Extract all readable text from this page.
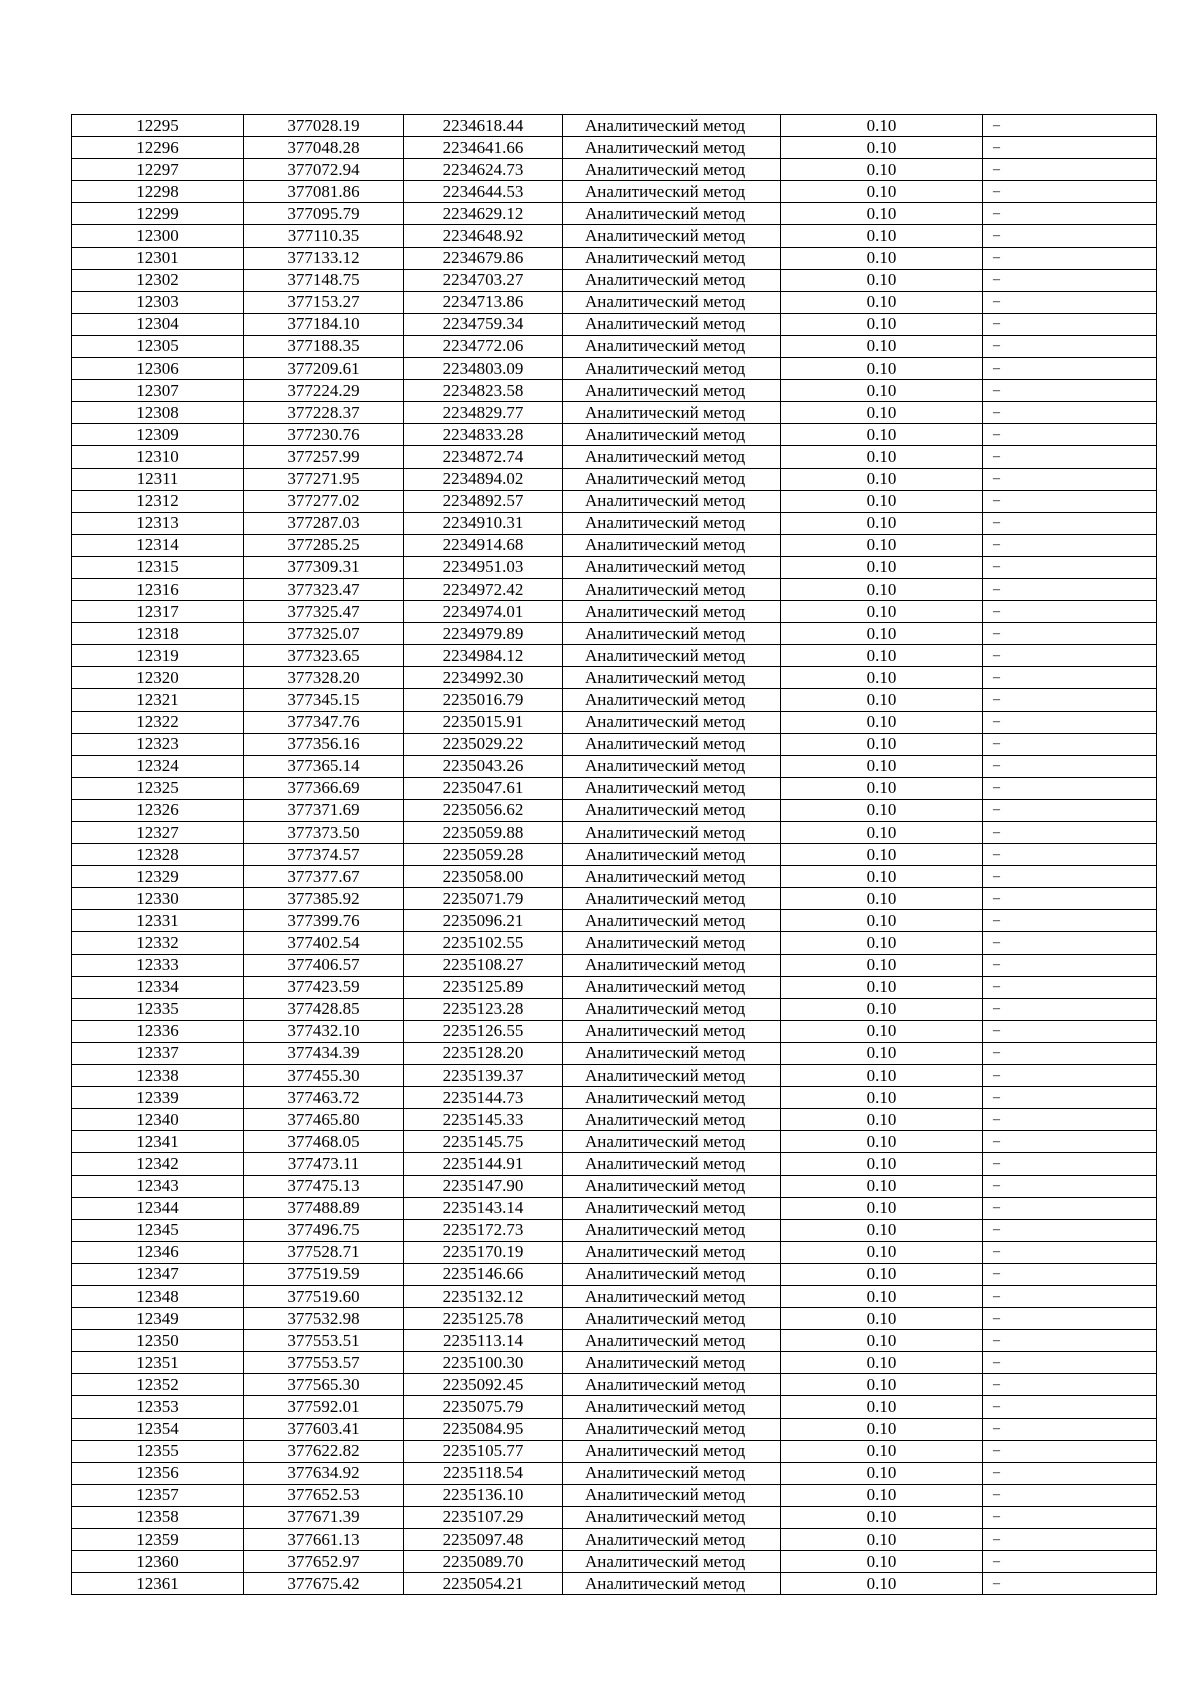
12295	377028.19	2234618.44	Аналитический метод	0.10	–
12296	377048.28	2234641.66	Аналитический метод	0.10	–
12297	377072.94	2234624.73	Аналитический метод	0.10	–
12298	377081.86	2234644.53	Аналитический метод	0.10	–
12299	377095.79	2234629.12	Аналитический метод	0.10	–
12300	377110.35	2234648.92	Аналитический метод	0.10	–
12301	377133.12	2234679.86	Аналитический метод	0.10	–
12302	377148.75	2234703.27	Аналитический метод	0.10	–
12303	377153.27	2234713.86	Аналитический метод	0.10	–
12304	377184.10	2234759.34	Аналитический метод	0.10	–
12305	377188.35	2234772.06	Аналитический метод	0.10	–
12306	377209.61	2234803.09	Аналитический метод	0.10	–
12307	377224.29	2234823.58	Аналитический метод	0.10	–
12308	377228.37	2234829.77	Аналитический метод	0.10	–
12309	377230.76	2234833.28	Аналитический метод	0.10	–
12310	377257.99	2234872.74	Аналитический метод	0.10	–
12311	377271.95	2234894.02	Аналитический метод	0.10	–
12312	377277.02	2234892.57	Аналитический метод	0.10	–
12313	377287.03	2234910.31	Аналитический метод	0.10	–
12314	377285.25	2234914.68	Аналитический метод	0.10	–
12315	377309.31	2234951.03	Аналитический метод	0.10	–
12316	377323.47	2234972.42	Аналитический метод	0.10	–
12317	377325.47	2234974.01	Аналитический метод	0.10	–
12318	377325.07	2234979.89	Аналитический метод	0.10	–
12319	377323.65	2234984.12	Аналитический метод	0.10	–
12320	377328.20	2234992.30	Аналитический метод	0.10	–
12321	377345.15	2235016.79	Аналитический метод	0.10	–
12322	377347.76	2235015.91	Аналитический метод	0.10	–
12323	377356.16	2235029.22	Аналитический метод	0.10	–
12324	377365.14	2235043.26	Аналитический метод	0.10	–
12325	377366.69	2235047.61	Аналитический метод	0.10	–
12326	377371.69	2235056.62	Аналитический метод	0.10	–
12327	377373.50	2235059.88	Аналитический метод	0.10	–
12328	377374.57	2235059.28	Аналитический метод	0.10	–
12329	377377.67	2235058.00	Аналитический метод	0.10	–
12330	377385.92	2235071.79	Аналитический метод	0.10	–
12331	377399.76	2235096.21	Аналитический метод	0.10	–
12332	377402.54	2235102.55	Аналитический метод	0.10	–
12333	377406.57	2235108.27	Аналитический метод	0.10	–
12334	377423.59	2235125.89	Аналитический метод	0.10	–
12335	377428.85	2235123.28	Аналитический метод	0.10	–
12336	377432.10	2235126.55	Аналитический метод	0.10	–
12337	377434.39	2235128.20	Аналитический метод	0.10	–
12338	377455.30	2235139.37	Аналитический метод	0.10	–
12339	377463.72	2235144.73	Аналитический метод	0.10	–
12340	377465.80	2235145.33	Аналитический метод	0.10	–
12341	377468.05	2235145.75	Аналитический метод	0.10	–
12342	377473.11	2235144.91	Аналитический метод	0.10	–
12343	377475.13	2235147.90	Аналитический метод	0.10	–
12344	377488.89	2235143.14	Аналитический метод	0.10	–
12345	377496.75	2235172.73	Аналитический метод	0.10	–
12346	377528.71	2235170.19	Аналитический метод	0.10	–
12347	377519.59	2235146.66	Аналитический метод	0.10	–
12348	377519.60	2235132.12	Аналитический метод	0.10	–
12349	377532.98	2235125.78	Аналитический метод	0.10	–
12350	377553.51	2235113.14	Аналитический метод	0.10	–
12351	377553.57	2235100.30	Аналитический метод	0.10	–
12352	377565.30	2235092.45	Аналитический метод	0.10	–
12353	377592.01	2235075.79	Аналитический метод	0.10	–
12354	377603.41	2235084.95	Аналитический метод	0.10	–
12355	377622.82	2235105.77	Аналитический метод	0.10	–
12356	377634.92	2235118.54	Аналитический метод	0.10	–
12357	377652.53	2235136.10	Аналитический метод	0.10	–
12358	377671.39	2235107.29	Аналитический метод	0.10	–
12359	377661.13	2235097.48	Аналитический метод	0.10	–
12360	377652.97	2235089.70	Аналитический метод	0.10	–
12361	377675.42	2235054.21	Аналитический метод	0.10	–
